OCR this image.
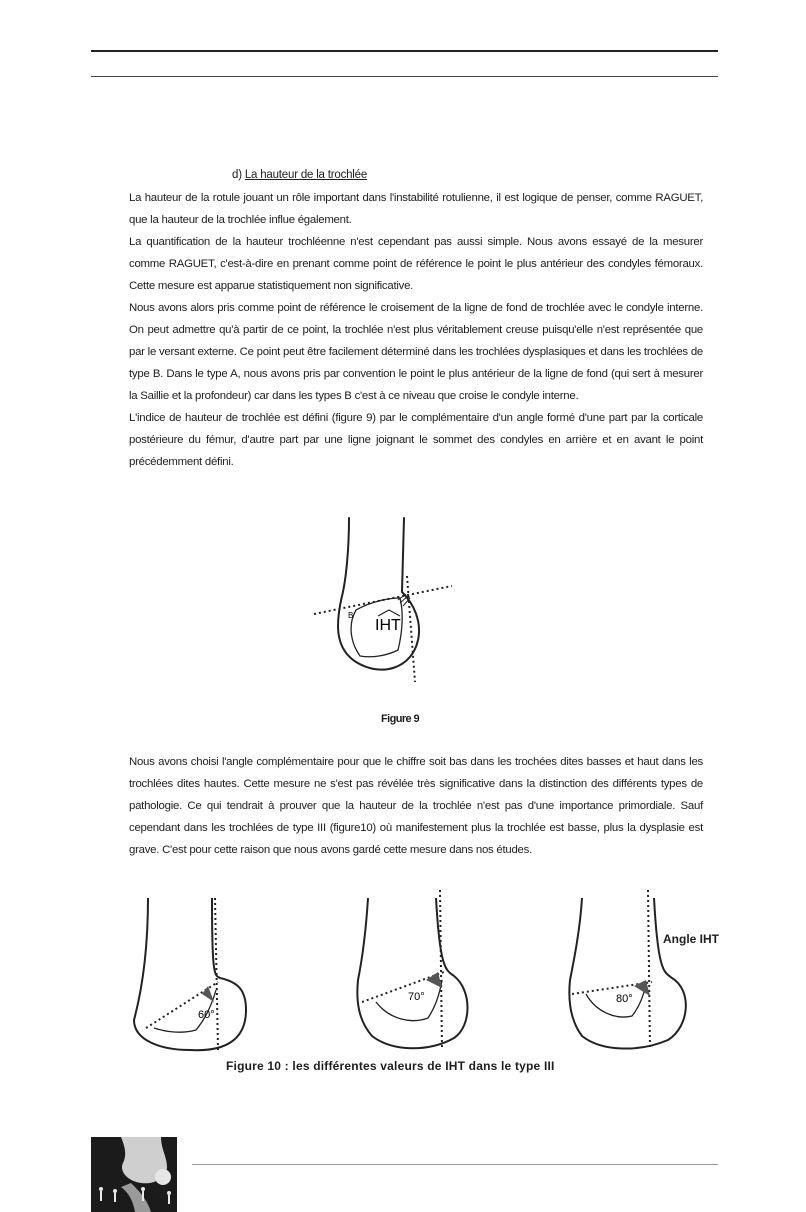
d) La hauteur de la trochlée

La hauteur de la rotule jouant un rôle important dans l'instabilité rotulienne, il est logique de penser, comme RAGUET, que la hauteur de la trochlée influe également.

La quantification de la hauteur trochléenne n'est cependant pas aussi simple. Nous avons essayé de la mesurer comme RAGUET, c'est-à-dire en prenant comme point de référence le point le plus antérieur des condyles fémoraux. Cette mesure est apparue statistiquement non significative.

Nous avons alors pris comme point de référence le croisement de la ligne de fond de trochlée avec le condyle interne. On peut admettre qu'à partir de ce point, la trochlée n'est plus véritablement creuse puisqu'elle n'est représentée que par le versant externe. Ce point peut être facilement déterminé dans les trochlées dysplasiques et dans les trochlées de type B. Dans le type A, nous avons pris par convention le point le plus antérieur de la ligne de fond (qui sert à mesurer la Saillie et la profondeur) car dans les types B c'est à ce niveau que croise le condyle interne.

L'indice de hauteur de trochlée est défini (figure 9) par le complémentaire d'un angle formé d'une part par la corticale postérieure du fémur, d'autre part par une ligne joignant le sommet des condyles en arrière et en avant le point précédemment défini.

B
IHT
Figure 9

Nous avons choisi l'angle complémentaire pour que le chiffre soit bas dans les trochées dites basses et haut dans les trochlées dites hautes. Cette mesure ne s'est pas révélée très significative dans la distinction des différents types de pathologie. Ce qui tendrait à prouver que la hauteur de la trochlée n'est pas d'une importance primordiale. Sauf cependant dans les trochlées de type III (figure10) où manifestement plus la trochlée est basse, plus la dysplasie est grave. C'est pour cette raison que nous avons gardé cette mesure dans nos études.

60°
70°	80°
Angle IHT
Figure 10 : les différentes valeurs de IHT dans le type III
